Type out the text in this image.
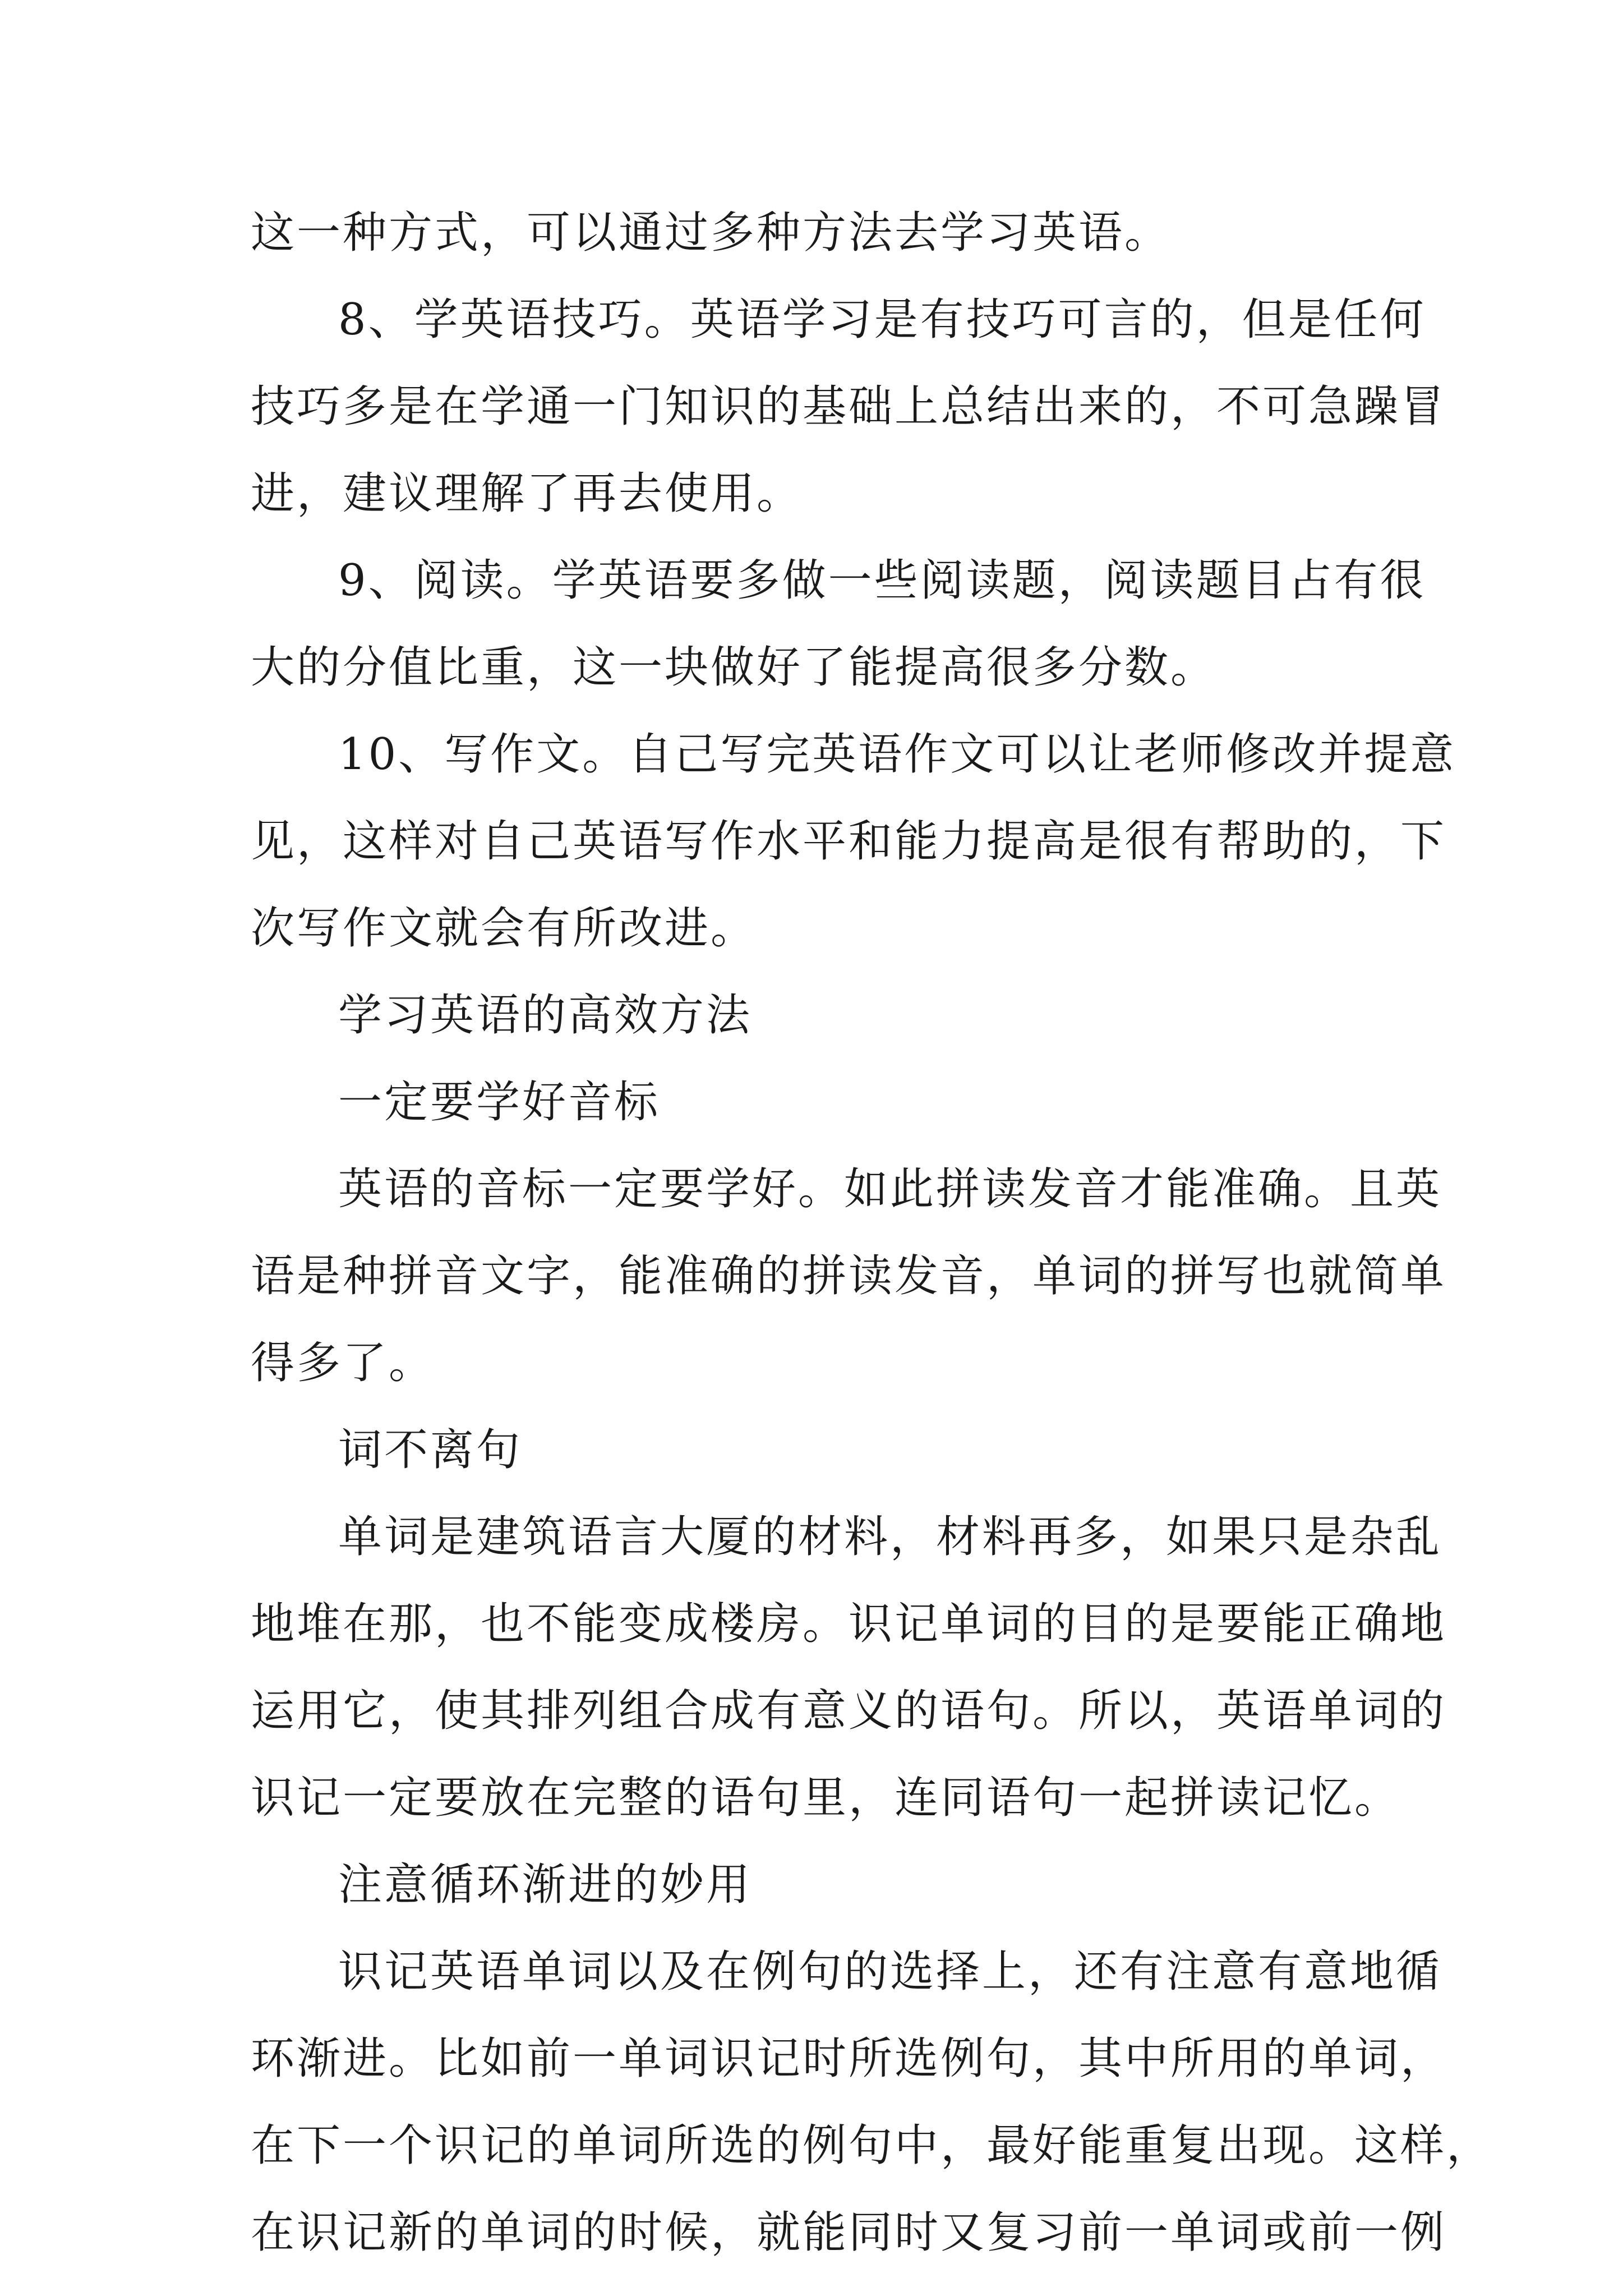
这一种方式，可以通过多种方法去学习英语。
8、学英语技巧。英语学习是有技巧可言的，但是任何
技巧多是在学通一门知识的基础上总结出来的，不可急躁冒
进，建议理解了再去使用。
9、阅读。学英语要多做一些阅读题，阅读题目占有很
大的分值比重，这一块做好了能提高很多分数。
10、写作文。自己写完英语作文可以让老师修改并提意
见，这样对自己英语写作水平和能力提高是很有帮助的，下
次写作文就会有所改进。
学习英语的高效方法
一定要学好音标
英语的音标一定要学好。如此拼读发音才能准确。且英
语是种拼音文字，能准确的拼读发音，单词的拼写也就简单
得多了。
词不离句
单词是建筑语言大厦的材料，材料再多，如果只是杂乱
地堆在那，也不能变成楼房。识记单词的目的是要能正确地
运用它，使其排列组合成有意义的语句。所以，英语单词的
识记一定要放在完整的语句里，连同语句一起拼读记忆。
注意循环渐进的妙用
识记英语单词以及在例句的选择上，还有注意有意地循
环渐进。比如前一单词识记时所选例句，其中所用的单词，
在下一个识记的单词所选的例句中，最好能重复出现。这样，
在识记新的单词的时候，就能同时又复习前一单词或前一例
